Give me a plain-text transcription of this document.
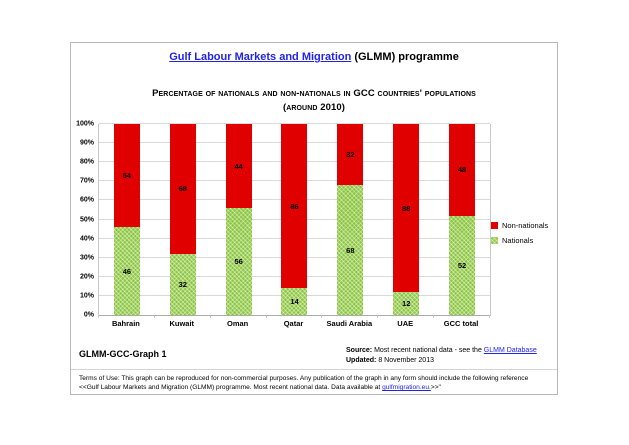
Gulf Labour Markets and Migration (GLMM) programme
Percentage of nationals and non-nationals in GCC countries' populations
(around 2010)
0%
10%
20%
30%
40%
50%
60%
70%
80%
90%
100%
46
54
32
68
56
44
14
86
68
32
12
88
52
48
Bahrain	Kuwait	Oman	Qatar	Saudi Arabia	UAE	GCC total
Non-nationals
Nationals
GLMM-GCC-Graph 1	Source: Most recent national data - see the GLMM Database
Updated: 8 November 2013
Terms of Use: This graph can be reproduced for non-commercial purposes. Any publication of the graph in any form should include the following reference <<Gulf Labour Markets and Migration (GLMM) programme. Most recent national data. Data available at gulfmigration.eu.>>"
